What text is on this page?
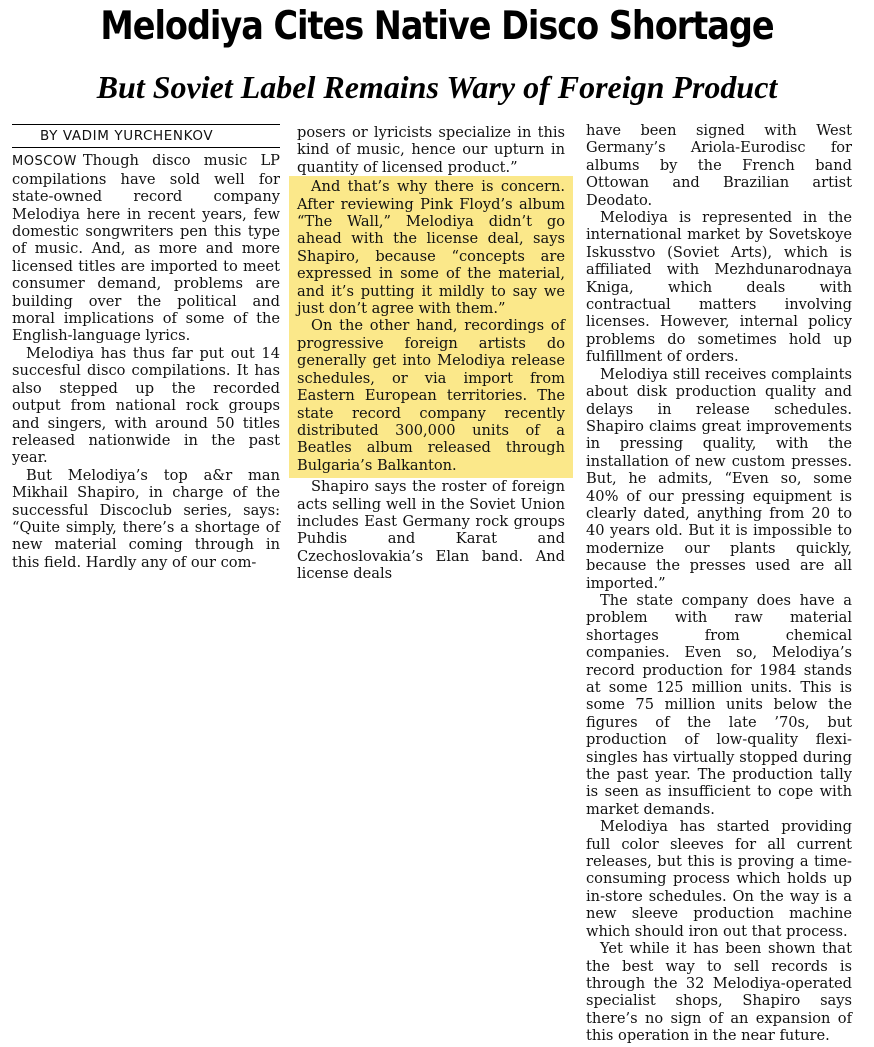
Melodiya Cites Native Disco Shortage
But Soviet Label Remains Wary of Foreign Product
BY VADIM YURCHENKOV

MOSCOW Though disco music LP compilations have sold well for state-owned record company Melodiya here in recent years, few domestic songwriters pen this type of music. And, as more and more licensed titles are imported to meet consumer demand, problems are building over the political and moral implications of some of the English-language lyrics.

Melodiya has thus far put out 14 succesful disco compilations. It has also stepped up the recorded output from national rock groups and singers, with around 50 titles released nationwide in the past year.

But Melodiya’s top a&r man Mikhail Shapiro, in charge of the successful Discoclub series, says: “Quite simply, there’s a shortage of new material coming through in this field. Hardly any of our com-

posers or lyricists specialize in this kind of music, hence our upturn in quantity of licensed product.”

And that’s why there is concern. After reviewing Pink Floyd’s album “The Wall,” Melodiya didn’t go ahead with the license deal, says Shapiro, because “concepts are expressed in some of the material, and it’s putting it mildly to say we just don’t agree with them.”

On the other hand, recordings of progressive foreign artists do generally get into Melodiya release schedules, or via import from Eastern European territories. The state record company recently distributed 300,000 units of a Beatles album released through Bulgaria’s Balkanton.

Shapiro says the roster of foreign acts selling well in the Soviet Union includes East Germany rock groups Puhdis and Karat and Czechoslovakia’s Elan band. And license deals

have been signed with West Germany’s Ariola-Eurodisc for albums by the French band Ottowan and Brazilian artist Deodato.

Melodiya is represented in the international market by Sovetskoye Iskusstvo (Soviet Arts), which is affiliated with Mezhdunarodnaya Kniga, which deals with contractual matters involving licenses. However, internal policy problems do sometimes hold up fulfillment of orders.

Melodiya still receives complaints about disk production quality and delays in release schedules. Shapiro claims great improvements in pressing quality, with the installation of new custom presses. But, he admits, “Even so, some 40% of our pressing equipment is clearly dated, anything from 20 to 40 years old. But it is impossible to modernize our plants quickly, because the presses used are all imported.”

The state company does have a problem with raw material shortages from chemical companies. Even so, Melodiya’s record production for 1984 stands at some 125 million units. This is some 75 million units below the figures of the late ’70s, but production of low-quality flexi-singles has virtually stopped during the past year. The production tally is seen as insufficient to cope with market demands.

Melodiya has started providing full color sleeves for all current releases, but this is proving a time-consuming process which holds up in-store schedules. On the way is a new sleeve production machine which should iron out that process.

Yet while it has been shown that the best way to sell records is through the 32 Melodiya-operated specialist shops, Shapiro says there’s no sign of an expansion of this operation in the near future.
